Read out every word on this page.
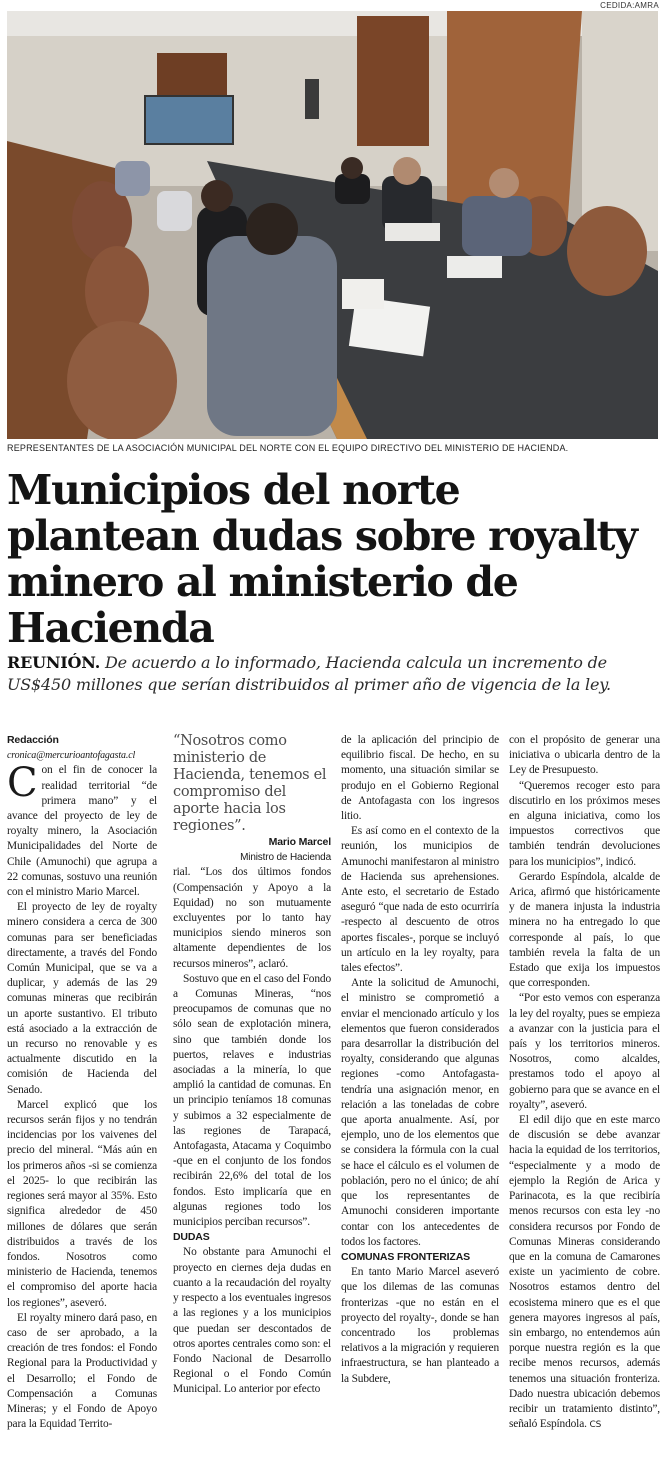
CEDIDA:AMRA
REPRESENTANTES DE LA ASOCIACIÓN MUNICIPAL DEL NORTE CON EL EQUIPO DIRECTIVO DEL MINISTERIO DE HACIENDA.
Municipios del norte plantean dudas sobre royalty minero al ministerio de Hacienda
REUNIÓN. De acuerdo a lo informado, Hacienda calcula un incremento de US$450 millones que serían distribuidos al primer año de vigencia de la ley.

Redacción

cronica@mercurioantofagasta.cl

Con el fin de conocer la realidad territorial “de primera mano” y el avance del proyecto de ley de royalty minero, la Asociación Municipalidades del Norte de Chile (Amunochi) que agrupa a 22 comunas, sostuvo una reunión con el ministro Mario Marcel.

El proyecto de ley de royalty minero considera a cerca de 300 comunas para ser beneficiadas directamente, a través del Fondo Común Municipal, que se va a duplicar, y además de las 29 comunas mineras que recibirán un aporte sustantivo. El tributo está asociado a la extracción de un recurso no renovable y es actualmente discutido en la comisión de Hacienda del Senado.

Marcel explicó que los recursos serán fijos y no tendrán incidencias por los vaivenes del precio del mineral. “Más aún en los primeros años -si se comienza el 2025- lo que recibirán las regiones será mayor al 35%. Esto significa alrededor de 450 millones de dólares que serán distribuidos a través de los fondos. Nosotros como ministerio de Hacienda, tenemos el compromiso del aporte hacia los regiones”, aseveró.

El royalty minero dará paso, en caso de ser aprobado, a la creación de tres fondos: el Fondo Regional para la Productividad y el Desarrollo; el Fondo de Compensación a Comunas Mineras; y el Fondo de Apoyo para la Equidad Territo-

“Nosotros como ministerio de Hacienda, tenemos el compromiso del aporte hacia los regiones”.

Mario Marcel

Ministro de Hacienda

rial. “Los dos últimos fondos (Compensación y Apoyo a la Equidad) no son mutuamente excluyentes por lo tanto hay municipios siendo mineros son altamente dependientes de los recursos mineros”, aclaró.

Sostuvo que en el caso del Fondo a Comunas Mineras, “nos preocupamos de comunas que no sólo sean de explotación minera, sino que también donde los puertos, relaves e industrias asociadas a la minería, lo que amplió la cantidad de comunas. En un principio teníamos 18 comunas y subimos a 32 especialmente de las regiones de Tarapacá, Antofagasta, Atacama y Coquimbo -que en el conjunto de los fondos recibirán 22,6% del total de los fondos. Esto implicaría que en algunas regiones todo los municipios perciban recursos”.

DUDAS

No obstante para Amunochi el proyecto en ciernes deja dudas en cuanto a la recaudación del royalty y respecto a los eventuales ingresos a las regiones y a los municipios que puedan ser descontados de otros aportes centrales como son: el Fondo Nacional de Desarrollo Regional o el Fondo Común Municipal. Lo anterior por efecto

de la aplicación del principio de equilibrio fiscal. De hecho, en su momento, una situación similar se produjo en el Gobierno Regional de Antofagasta con los ingresos litio.

Es así como en el contexto de la reunión, los municipios de Amunochi manifestaron al ministro de Hacienda sus aprehensiones. Ante esto, el secretario de Estado aseguró “que nada de esto ocurriría -respecto al descuento de otros aportes fiscales-, porque se incluyó un artículo en la ley royalty, para tales efectos”.

Ante la solicitud de Amunochi, el ministro se comprometió a enviar el mencionado artículo y los elementos que fueron considerados para desarrollar la distribución del royalty, considerando que algunas regiones -como Antofagasta- tendría una asignación menor, en relación a las toneladas de cobre que aporta anualmente. Así, por ejemplo, uno de los elementos que se considera la fórmula con la cual se hace el cálculo es el volumen de población, pero no el único; de ahí que los representantes de Amunochi consideren importante contar con los antecedentes de todos los factores.

COMUNAS FRONTERIZAS

En tanto Mario Marcel aseveró que los dilemas de las comunas fronterizas -que no están en el proyecto del royalty-, donde se han concentrado los problemas relativos a la migración y requieren infraestructura, se han planteado a la Subdere,

con el propósito de generar una iniciativa o ubicarla dentro de la Ley de Presupuesto.

“Queremos recoger esto para discutirlo en los próximos meses en alguna iniciativa, como los impuestos correctivos que también tendrán devoluciones para los municipios”, indicó.

Gerardo Espíndola, alcalde de Arica, afirmó que históricamente y de manera injusta la industria minera no ha entregado lo que corresponde al país, lo que también revela la falta de un Estado que exija los impuestos que corresponden.

“Por esto vemos con esperanza la ley del royalty, pues se empieza a avanzar con la justicia para el país y los territorios mineros. Nosotros, como alcaldes, prestamos todo el apoyo al gobierno para que se avance en el royalty”, aseveró.

El edil dijo que en este marco de discusión se debe avanzar hacia la equidad de los territorios, “especialmente y a modo de ejemplo la Región de Arica y Parinacota, es la que recibiría menos recursos con esta ley -no considera recursos por Fondo de Comunas Mineras considerando que en la comuna de Camarones existe un yacimiento de cobre. Nosotros estamos dentro del ecosistema minero que es el que genera mayores ingresos al país, sin embargo, no entendemos aún porque nuestra región es la que recibe menos recursos, además tenemos una situación fronteriza. Dado nuestra ubicación debemos recibir un tratamiento distinto”, señaló Espíndola. CS
